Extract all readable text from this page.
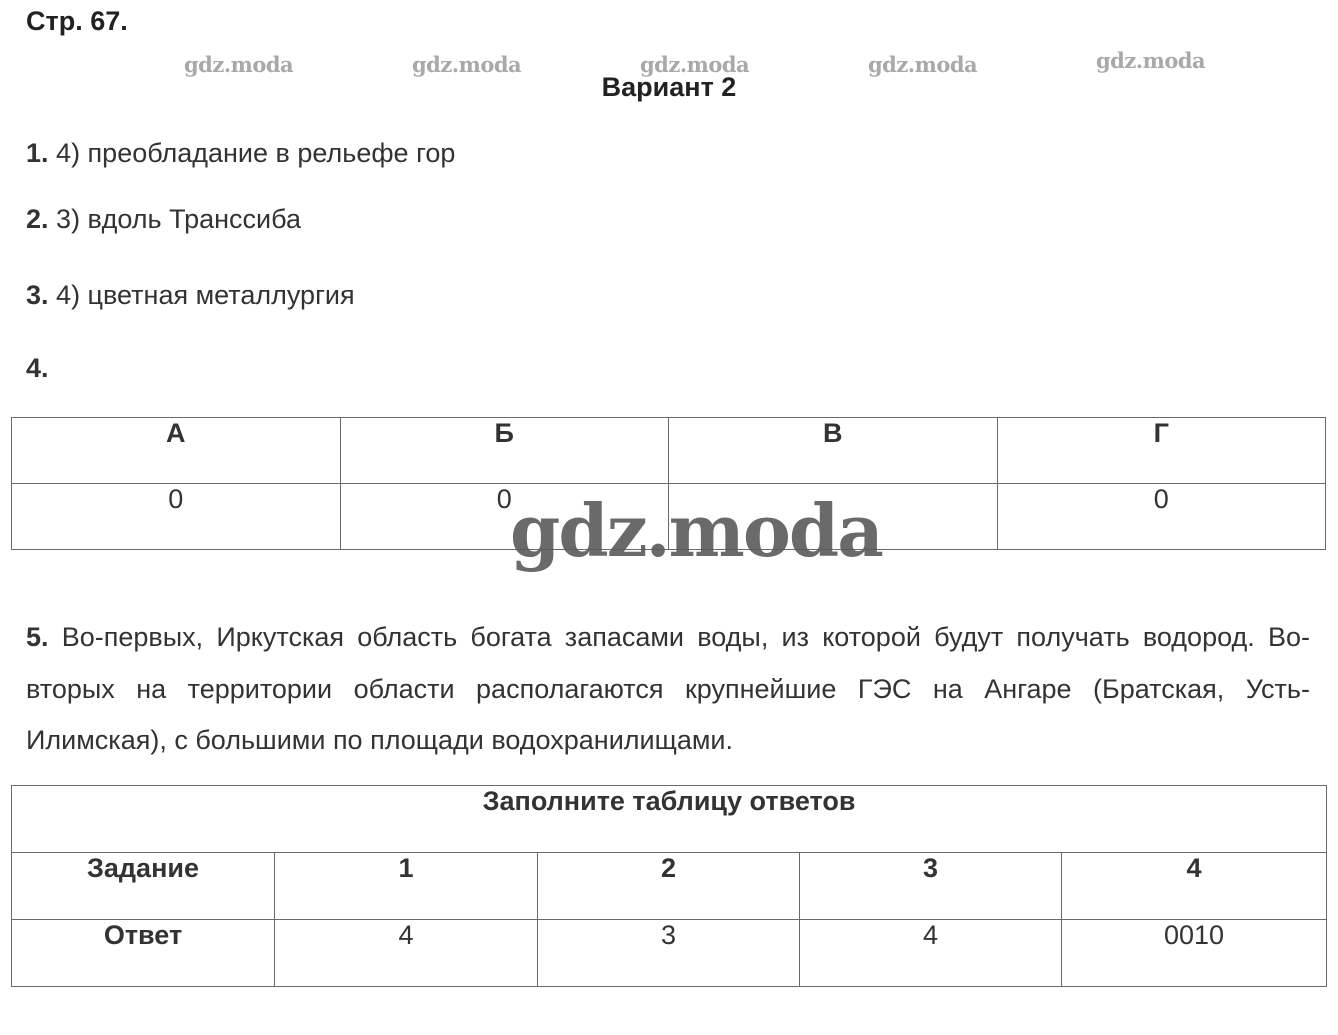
Стр. 67.
gdz.moda	gdz.moda	gdz.moda	gdz.moda	gdz.moda
Вариант 2
1. 4) преобладание в рельефе гор
2. 3) вдоль Транссиба
3. 4) цветная металлургия
4.
А	Б	В	Г
0	0		0
gdz.moda
5. Во-первых, Иркутская область богата запасами воды, из которой будут получать водород. Во-вторых на территории области располагаются крупнейшие ГЭС на Ангаре (Братская, Усть-Илимская), с большими по площади водохранилищами.
Заполните таблицу ответов				
Задание	1	2	3	4
Ответ	4	3	4	0010
